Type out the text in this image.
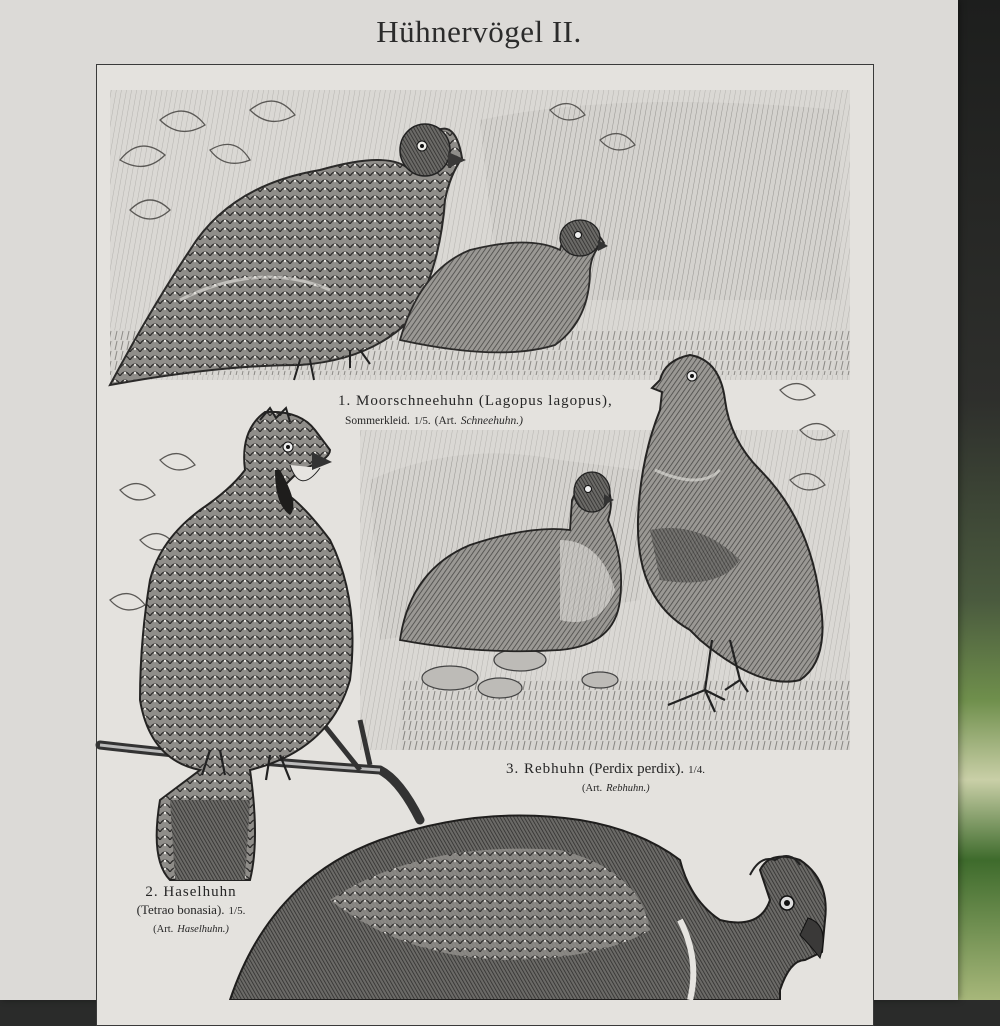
Hühnervögel II.
1. Moorschneehuhn (Lagopus lagopus),
Sommerkleid. 1/5. (Art. Schneehuhn.)
2. Haselhuhn
(Tetrao bonasia). 1/5.
(Art. Haselhuhn.)
3. Rebhuhn (Perdix perdix). 1/4.
(Art. Rebhuhn.)
